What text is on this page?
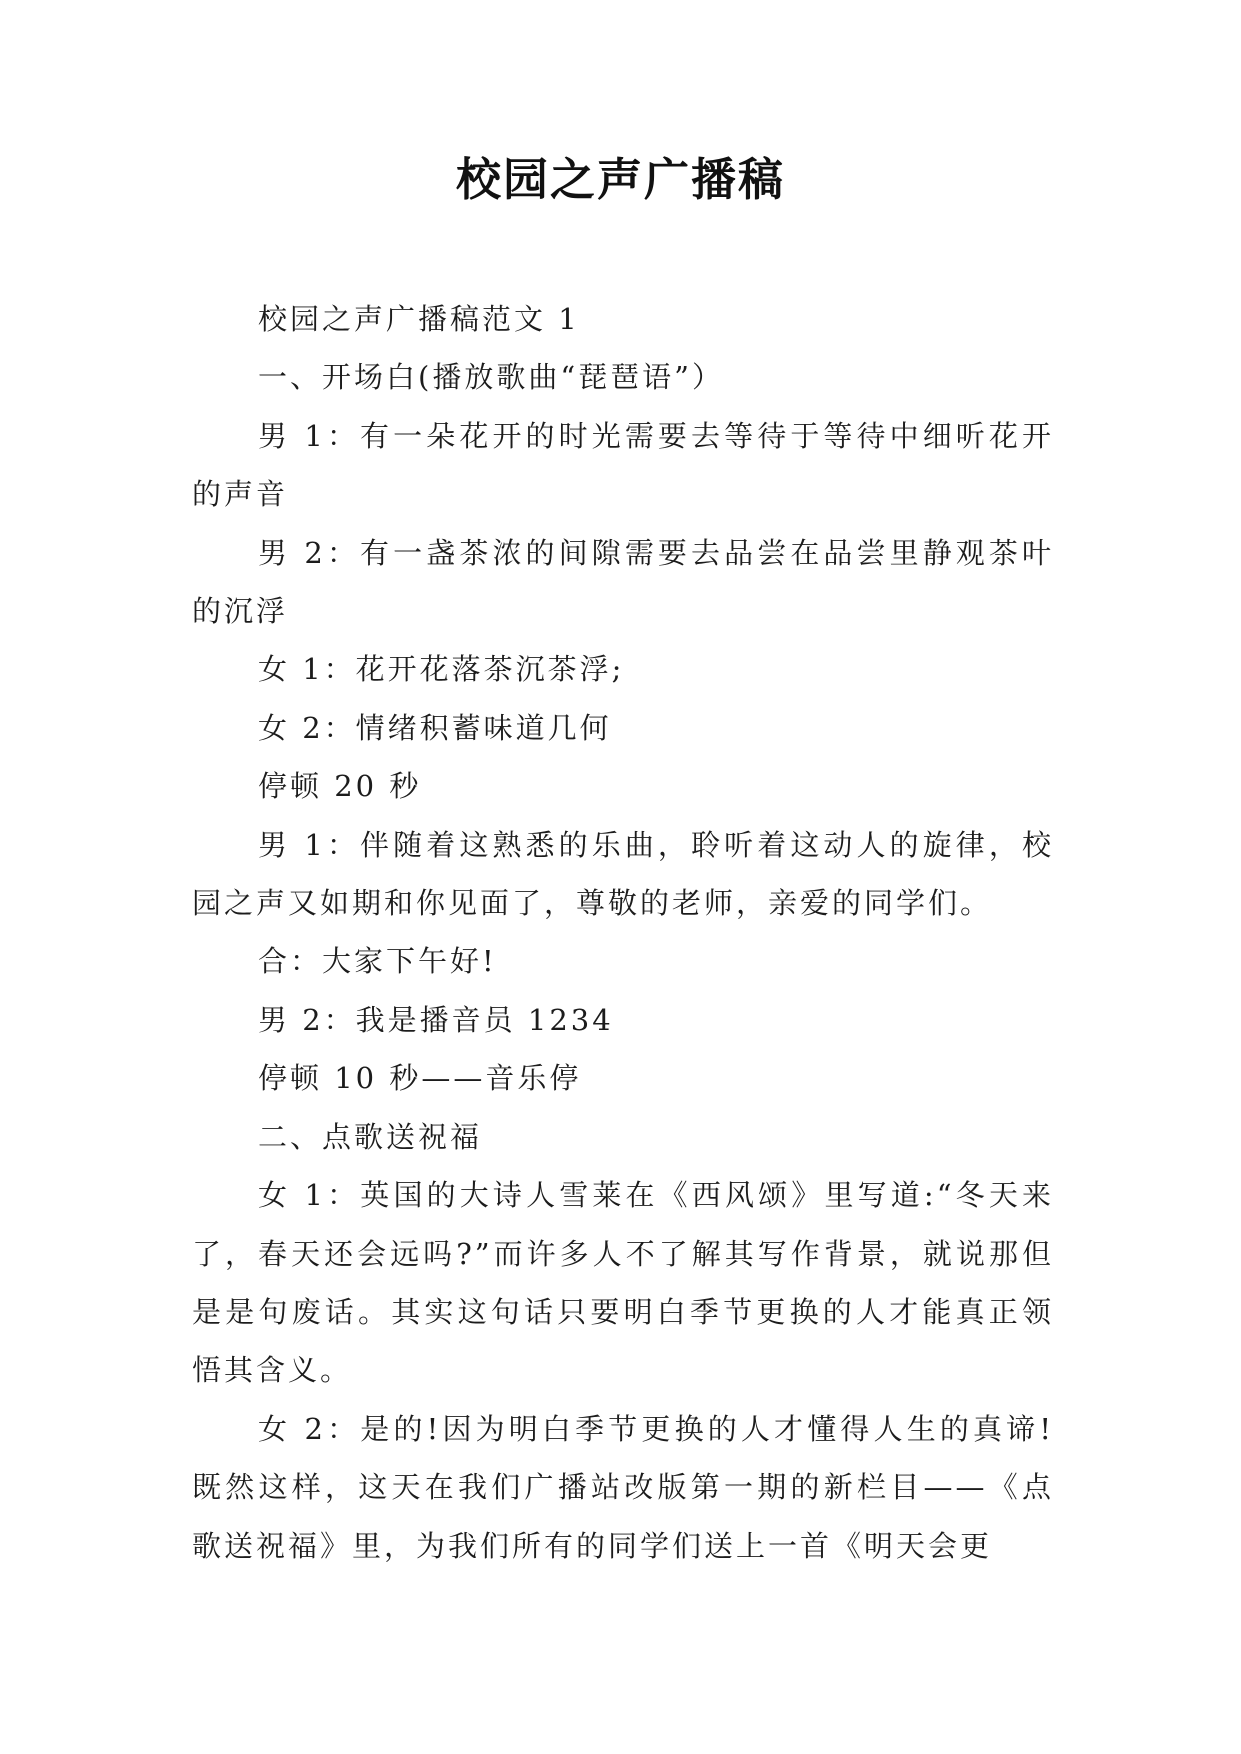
校园之声广播稿

校园之声广播稿范文 1

一、开场白(播放歌曲“琵琶语”）

男 1：有一朵花开的时光需要去等待于等待中细听花开的声音

男 2：有一盏茶浓的间隙需要去品尝在品尝里静观茶叶的沉浮

女 1：花开花落茶沉茶浮;

女 2：情绪积蓄味道几何

停顿 20 秒

男 1：伴随着这熟悉的乐曲，聆听着这动人的旋律，校园之声又如期和你见面了，尊敬的老师，亲爱的同学们。

合：大家下午好!

男 2：我是播音员 1234

停顿 10 秒——音乐停

二、点歌送祝福

女 1：英国的大诗人雪莱在《西风颂》里写道:“冬天来了，春天还会远吗?”而许多人不了解其写作背景，就说那但是是句废话。其实这句话只要明白季节更换的人才能真正领悟其含义。

女 2：是的!因为明白季节更换的人才懂得人生的真谛!既然这样，这天在我们广播站改版第一期的新栏目——《点歌送祝福》里，为我们所有的同学们送上一首《明天会更
